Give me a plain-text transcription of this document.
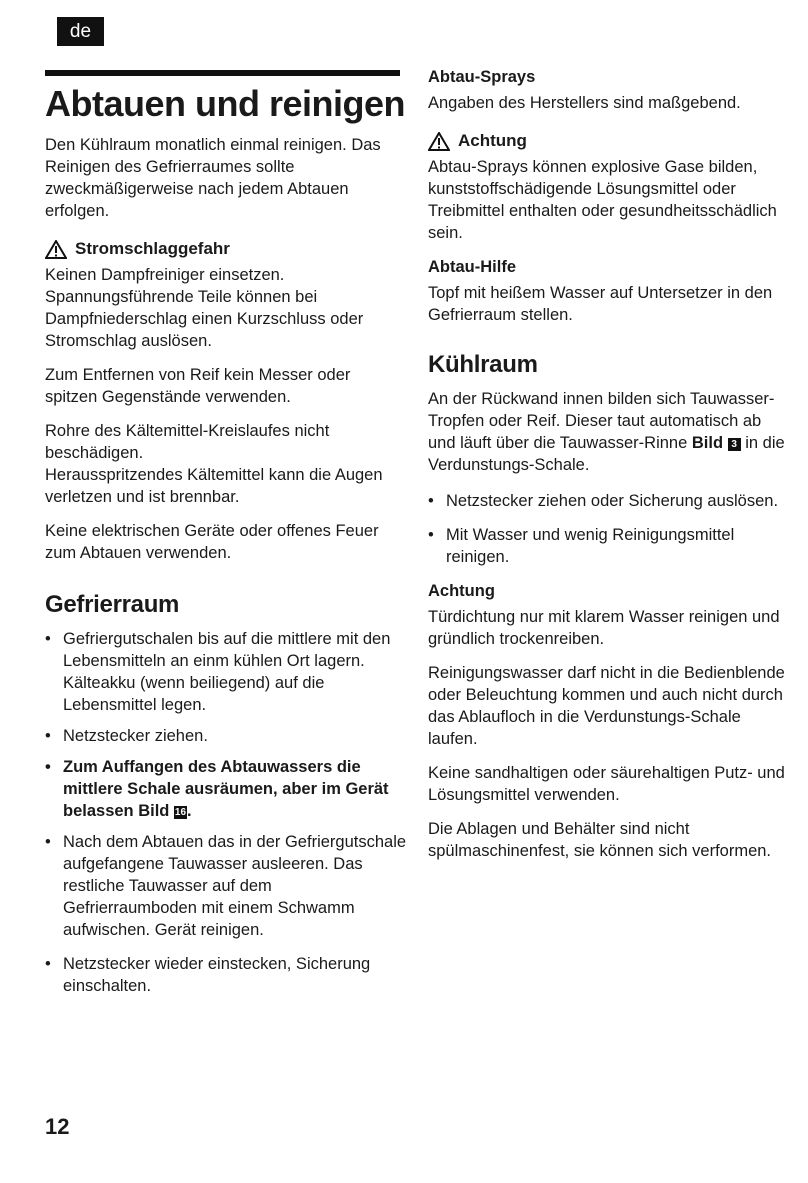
de
Abtauen und reinigen

Den Kühlraum monatlich einmal reinigen. Das Reinigen des Gefrierraumes sollte zweckmäßigerweise nach jedem Abtauen erfolgen.

Stromschlaggefahr

Keinen Dampfreiniger einsetzen. Spannungsführende Teile können bei Dampfniederschlag einen Kurzschluss oder Stromschlag auslösen.

Zum Entfernen von Reif kein Messer oder spitzen Gegenstände verwenden.

Rohre des Kältemittel-Kreislaufes nicht beschädigen.

Herausspritzendes Kältemittel kann die Augen verletzen und ist brennbar.

Keine elektrischen Geräte oder offenes Feuer zum Abtauen verwenden.

Gefrierraum
• Gefriergutschalen bis auf die mittlere mit den Lebensmitteln an einm kühlen Ort lagern. Kälteakku (wenn beiliegend) auf die Lebensmittel legen.
• Netzstecker ziehen.
• Zum Auffangen des Abtauwassers die mittlere Schale ausräumen, aber im Gerät belassen Bild 16.
• Nach dem Abtauen das in der Gefriergutschale aufgefangene Tauwasser ausleeren. Das restliche Tauwasser auf dem Gefrierraumboden mit einem Schwamm aufwischen. Gerät reinigen.
• Netzstecker wieder einstecken, Sicherung einschalten.
Abtau-Sprays

Angaben des Herstellers sind maßgebend.

Achtung

Abtau-Sprays können explosive Gase bilden, kunststoffschädigende Lösungsmittel oder Treibmittel enthalten oder gesundheitsschädlich sein.

Abtau-Hilfe

Topf mit heißem Wasser auf Untersetzer in den Gefrierraum stellen.

Kühlraum

An der Rückwand innen bilden sich Tauwasser-Tropfen oder Reif. Dieser taut automatisch ab und läuft über die Tauwasser-Rinne Bild 3 in die Verdunstungs-Schale.

• Netzstecker ziehen oder Sicherung auslösen.
• Mit Wasser und wenig Reinigungsmittel reinigen.
Achtung

Türdichtung nur mit klarem Wasser reinigen und gründlich trockenreiben.

Reinigungswasser darf nicht in die Bedienblende oder Beleuchtung kommen und auch nicht durch das Ablaufloch in die Verdunstungs-Schale laufen.

Keine sandhaltigen oder säurehaltigen Putz- und Lösungsmittel verwenden.

Die Ablagen und Behälter sind nicht spülmaschinenfest, sie können sich verformen.

12
